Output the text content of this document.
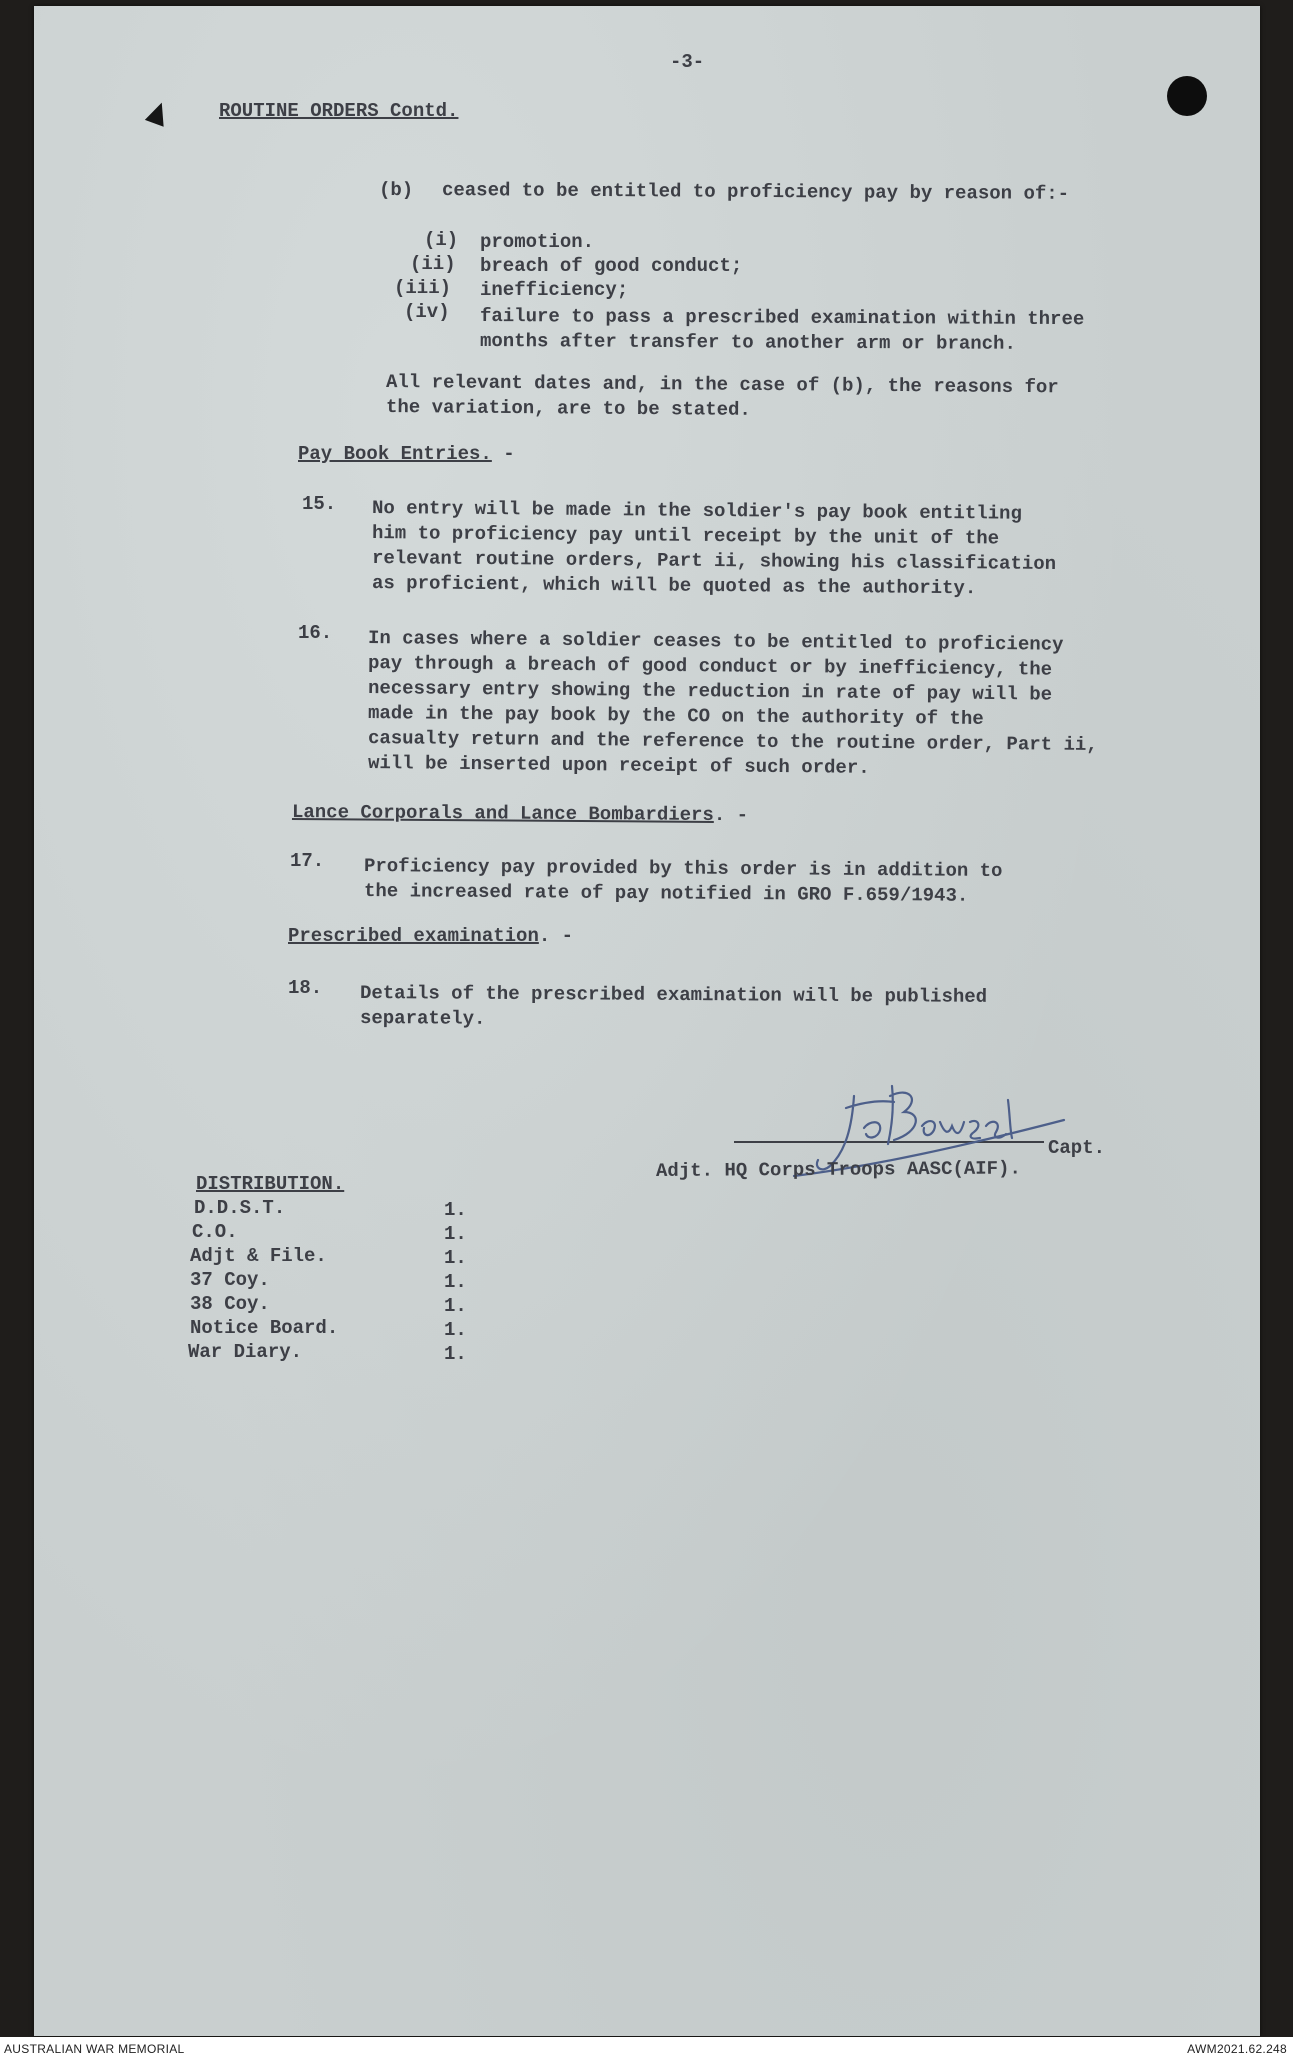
-3-
ROUTINE ORDERS Contd.
(b) ceased to be entitled to proficiency pay by reason of:-
(i) promotion.
(ii) breach of good conduct;
(iii) inefficiency;
(iv) failure to pass a prescribed examination within three
months after transfer to another arm or branch.
All relevant dates and, in the case of (b), the reasons for
the variation, are to be stated.
Pay Book Entries. -
15. No entry will be made in the soldier's pay book entitling
him to proficiency pay until receipt by the unit of the
relevant routine orders, Part ii, showing his classification
as proficient, which will be quoted as the authority.
16. In cases where a soldier ceases to be entitled to proficiency
pay through a breach of good conduct or by inefficiency, the
necessary entry showing the reduction in rate of pay will be
made in the pay book by the CO on the authority of the
casualty return and the reference to the routine order, Part ii,
will be inserted upon receipt of such order.
Lance Corporals and Lance Bombardiers. -
17. Proficiency pay provided by this order is in addition to
the increased rate of pay notified in GRO F.659/1943.
Prescribed examination. -
18. Details of the prescribed examination will be published
separately.
Capt.
Adjt. HQ Corps Troops AASC(AIF).
DISTRIBUTION.
D.D.S.T.	1.
C.O.	1.
Adjt & File.	1.
37 Coy.	1.
38 Coy.	1.
Notice Board.	1.
War Diary.	1.
AUSTRALIAN WAR MEMORIAL	AWM2021.62.248
